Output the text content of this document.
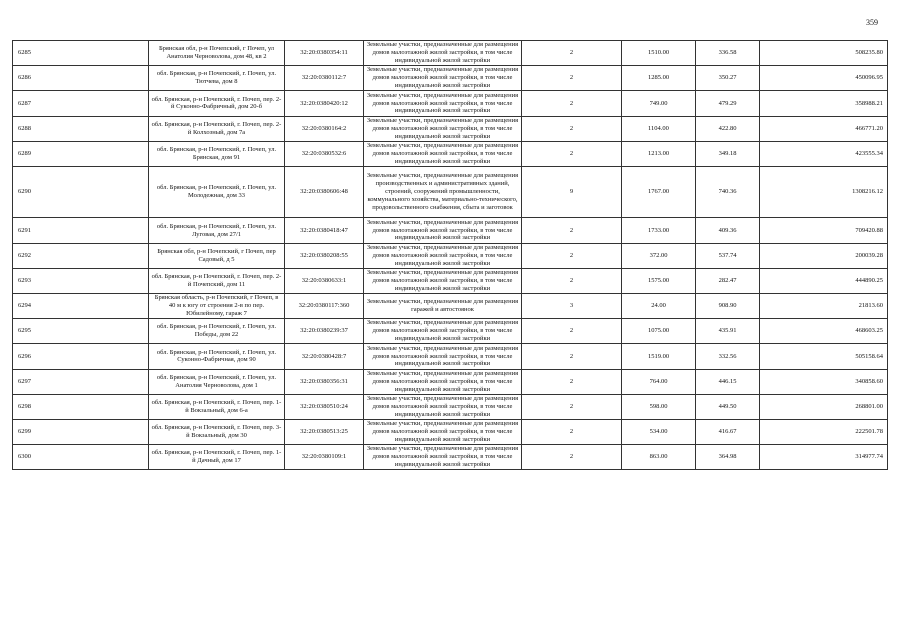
359
6285	Брянская обл, р-н Почепский, г Почеп, ул Анатолия Черноволова, дом 48, кв 2	32:20:0380354:11	Земельные участки, предназначенные для размещения домов малоэтажной жилой застройки, в том числе индивидуальной жилой застройки	2	1510.00	336.58	508235.80
6286	обл. Брянская, р-н Почепский, г. Почеп, ул. Тютчева, дом 8	32:20:0380112:7	Земельные участки, предназначенные для размещения домов малоэтажной жилой застройки, в том числе индивидуальной жилой застройки	2	1285.00	350.27	450096.95
6287	обл. Брянская, р-н Почепский, г. Почеп, пер. 2-й Суконно-Фабричный, дом 20-б	32:20:0380420:12	Земельные участки, предназначенные для размещения домов малоэтажной жилой застройки, в том числе индивидуальной жилой застройки	2	749.00	479.29	358988.21
6288	обл. Брянская, р-н Почепский, г. Почеп, пер. 2-й Колхозный, дом 7а	32:20:0380164:2	Земельные участки, предназначенные для размещения домов малоэтажной жилой застройки, в том числе индивидуальной жилой застройки	2	1104.00	422.80	466771.20
6289	обл. Брянская, р-н Почепский, г. Почеп, ул. Брянская, дом 91	32:20:0380532:6	Земельные участки, предназначенные для размещения домов малоэтажной жилой застройки, в том числе индивидуальной жилой застройки	2	1213.00	349.18	423555.34
6290	обл. Брянская, р-н Почепский, г. Почеп, ул. Молодежная, дом 33	32:20:0380606:48	Земельные участки, предназначенные для размещения производственных и административных зданий, строений, сооружений промышленности, коммунального хозяйства, материально-технического, продовольственного снабжения, сбыта и заготовок	9	1767.00	740.36	1308216.12
6291	обл. Брянская, р-н Почепский, г. Почеп, ул. Луговая, дом 27/1	32:20:0380418:47	Земельные участки, предназначенные для размещения домов малоэтажной жилой застройки, в том числе индивидуальной жилой застройки	2	1733.00	409.36	709420.88
6292	Брянская обл, р-н Почепский, г Почеп, пер Садовый, д 5	32:20:0380208:55	Земельные участки, предназначенные для размещения домов малоэтажной жилой застройки, в том числе индивидуальной жилой застройки	2	372.00	537.74	200039.28
6293	обл. Брянская, р-н Почепский, г. Почеп, пер. 2-й Почепский, дом 11	32:20:0380633:1	Земельные участки, предназначенные для размещения домов малоэтажной жилой застройки, в том числе индивидуальной жилой застройки	2	1575.00	282.47	444890.25
6294	Брянская область, р-н Почепский, г Почеп, в 40 м к югу от строения 2-в по пер. Юбилейному, гараж 7	32:20:0380117:360	Земельные участки, предназначенные для размещения гаражей и автостоянок	3	24.00	908.90	21813.60
6295	обл. Брянская, р-н Почепский, г. Почеп, ул. Победы, дом 22	32:20:0380239:37	Земельные участки, предназначенные для размещения домов малоэтажной жилой застройки, в том числе индивидуальной жилой застройки	2	1075.00	435.91	468603.25
6296	обл. Брянская, р-н Почепский, г. Почеп, ул. Суконно-Фабричная, дом 90	32:20:0380428:7	Земельные участки, предназначенные для размещения домов малоэтажной жилой застройки, в том числе индивидуальной жилой застройки	2	1519.00	332.56	505158.64
6297	обл. Брянская, р-н Почепский, г. Почеп, ул. Анатолия Черноволова, дом 1	32:20:0380356:31	Земельные участки, предназначенные для размещения домов малоэтажной жилой застройки, в том числе индивидуальной жилой застройки	2	764.00	446.15	340858.60
6298	обл. Брянская, р-н Почепский, г. Почеп, пер. 1-й Вокзальный, дом 6-а	32:20:0380510:24	Земельные участки, предназначенные для размещения домов малоэтажной жилой застройки, в том числе индивидуальной жилой застройки	2	598.00	449.50	268801.00
6299	обл. Брянская, р-н Почепский, г. Почеп, пер. 3-й Вокзальный, дом 30	32:20:0380513:25	Земельные участки, предназначенные для размещения домов малоэтажной жилой застройки, в том числе индивидуальной жилой застройки	2	534.00	416.67	222501.78
6300	обл. Брянская, р-н Почепский, г. Почеп, пер. 1-й Дачный, дом 17	32:20:0380109:1	Земельные участки, предназначенные для размещения домов малоэтажной жилой застройки, в том числе индивидуальной жилой застройки	2	863.00	364.98	314977.74
